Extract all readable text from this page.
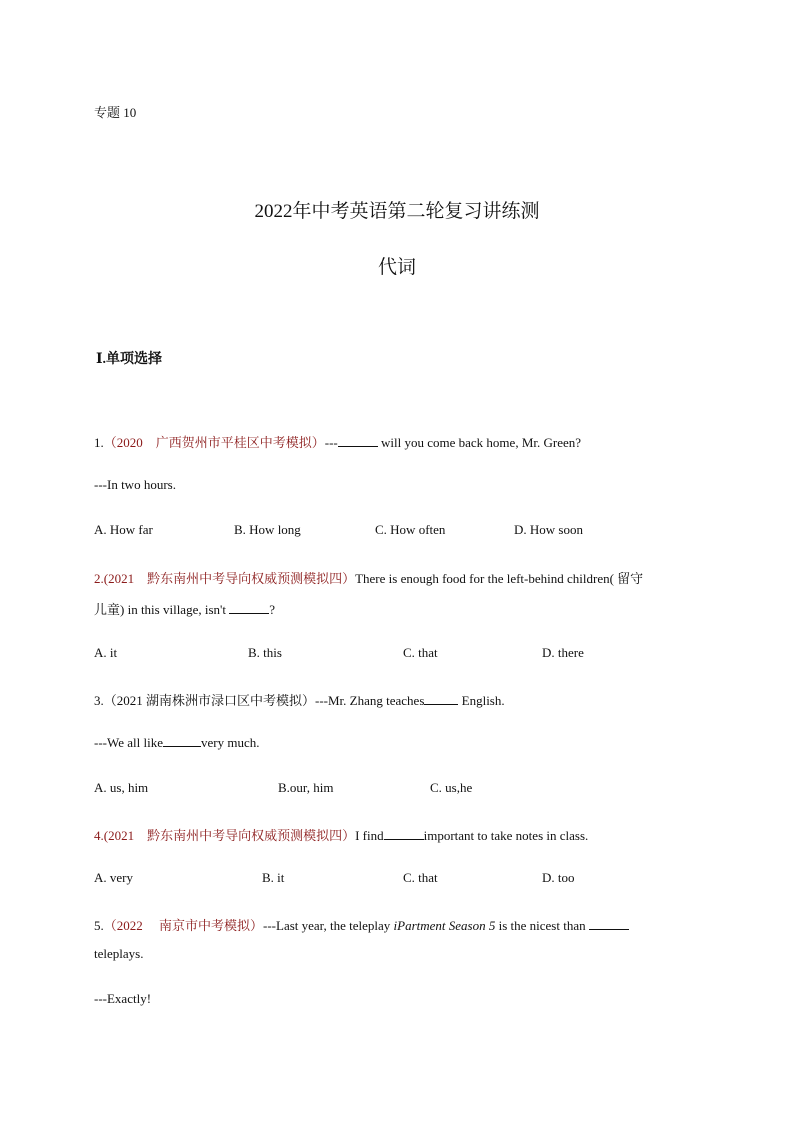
专题 10
2022年中考英语第二轮复习讲练测
代词
Ⅰ.单项选择
1.（2020　广西贺州市平桂区中考模拟）---	will you come back home, Mr. Green?
---In two hours.
A. How far	B. How long	C. How often	D. How soon
2.(2021　黔东南州中考导向权威预测模拟四）There is enough food for the left-behind children( 留守
儿童) in this village, isn't	?
A. it	B. this	C. that	D. there
3.（2021 湖南株洲市渌口区中考模拟）---Mr. Zhang teaches	English.
---We all like	very much.
A. us, him	B.our, him	C. us,he
4.(2021　黔东南州中考导向权威预测模拟四）I find	important to take notes in class.
A. very	B. it	C. that	D. too
5.（2022　 南京市中考模拟）---Last year, the teleplay iPartment Season 5 is the nicest than
teleplays.
---Exactly!
